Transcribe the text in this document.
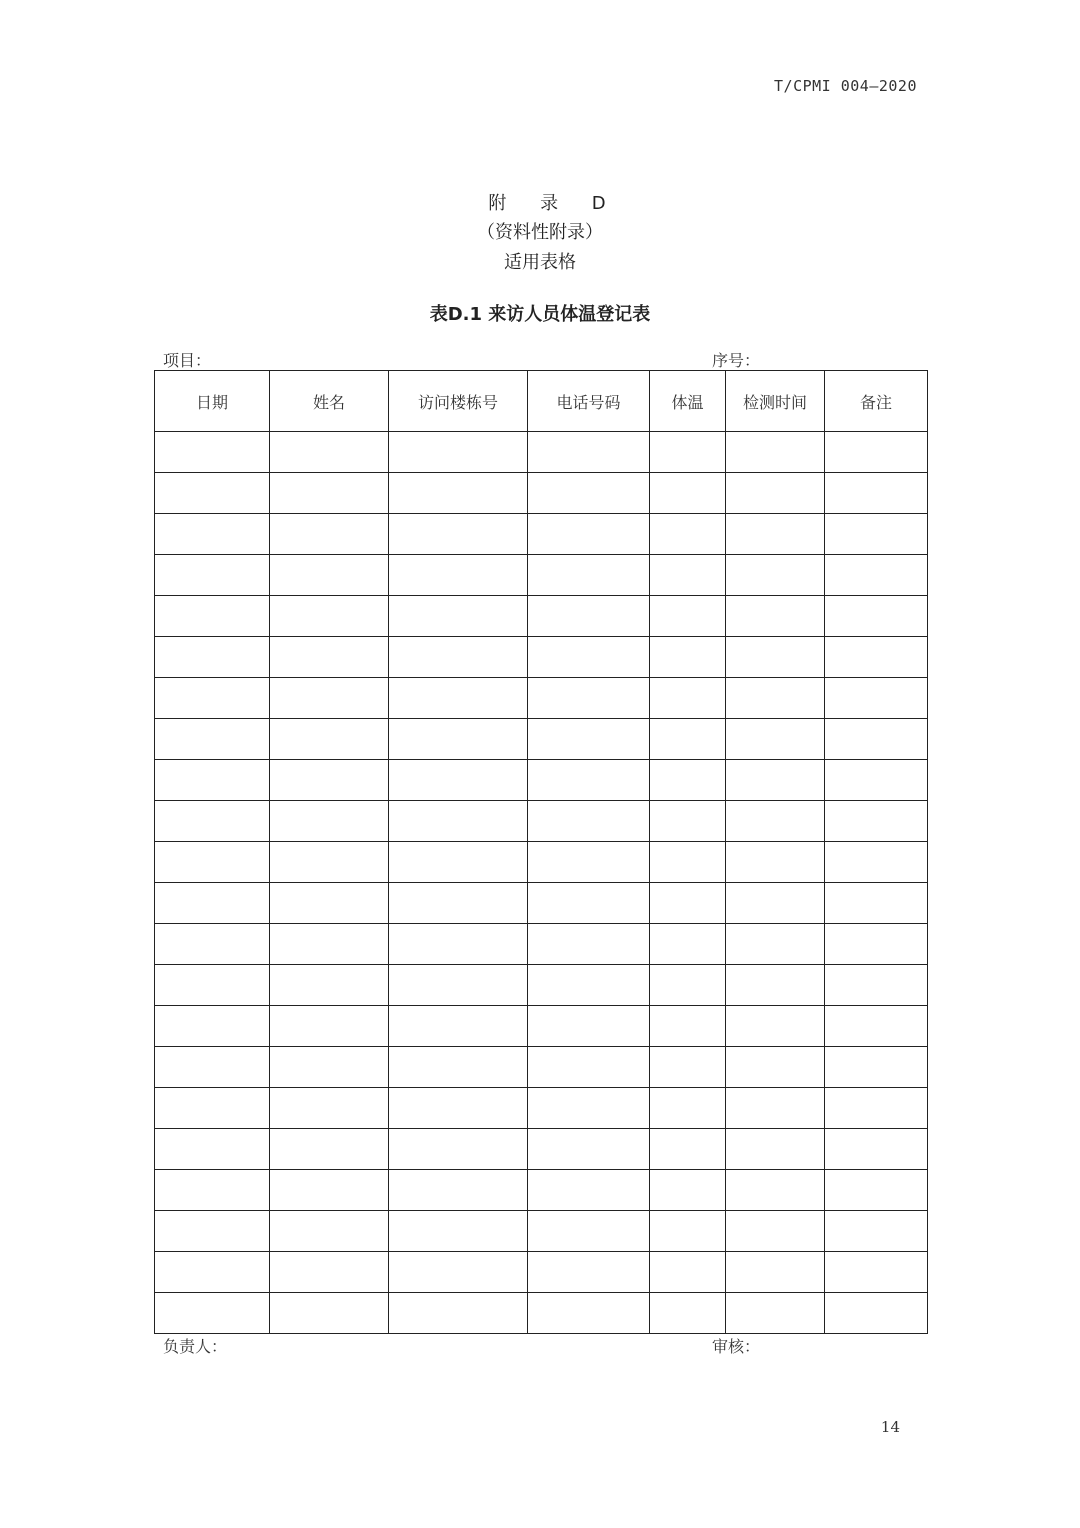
T/CPMI 004—2020
附 录 D
（资料性附录）
适用表格
表D.1 来访人员体温登记表
项目：	序号：
日期	姓名	访问楼栋号	电话号码	体温	检测时间	备注

负责人：	审核：
14
